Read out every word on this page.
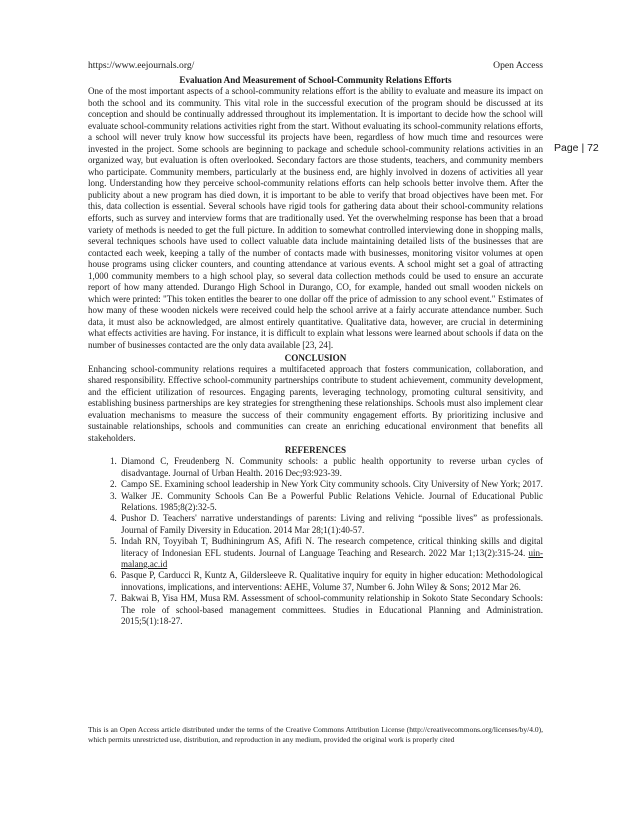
https://www.eejournals.org/	Open Access
Page | 72
Evaluation And Measurement of School-Community Relations Efforts

One of the most important aspects of a school-community relations effort is the ability to evaluate and measure its impact on both the school and its community. This vital role in the successful execution of the program should be discussed at its conception and should be continually addressed throughout its implementation. It is important to decide how the school will evaluate school-community relations activities right from the start. Without evaluating its school-community relations efforts, a school will never truly know how successful its projects have been, regardless of how much time and resources were invested in the project. Some schools are beginning to package and schedule school-community relations activities in an organized way, but evaluation is often overlooked. Secondary factors are those students, teachers, and community members who participate. Community members, particularly at the business end, are highly involved in dozens of activities all year long. Understanding how they perceive school-community relations efforts can help schools better involve them. After the publicity about a new program has died down, it is important to be able to verify that broad objectives have been met. For this, data collection is essential. Several schools have rigid tools for gathering data about their school-community relations efforts, such as survey and interview forms that are traditionally used. Yet the overwhelming response has been that a broad variety of methods is needed to get the full picture. In addition to somewhat controlled interviewing done in shopping malls, several techniques schools have used to collect valuable data include maintaining detailed lists of the businesses that are contacted each week, keeping a tally of the number of contacts made with businesses, monitoring visitor volumes at open house programs using clicker counters, and counting attendance at various events. A school might set a goal of attracting 1,000 community members to a high school play, so several data collection methods could be used to ensure an accurate report of how many attended. Durango High School in Durango, CO, for example, handed out small wooden nickels on which were printed: "This token entitles the bearer to one dollar off the price of admission to any school event." Estimates of how many of these wooden nickels were received could help the school arrive at a fairly accurate attendance number. Such data, it must also be acknowledged, are almost entirely quantitative. Qualitative data, however, are crucial in determining what effects activities are having. For instance, it is difficult to explain what lessons were learned about schools if data on the number of businesses contacted are the only data available [23, 24].

CONCLUSION

Enhancing school-community relations requires a multifaceted approach that fosters communication, collaboration, and shared responsibility. Effective school-community partnerships contribute to student achievement, community development, and the efficient utilization of resources. Engaging parents, leveraging technology, promoting cultural sensitivity, and establishing business partnerships are key strategies for strengthening these relationships. Schools must also implement clear evaluation mechanisms to measure the success of their community engagement efforts. By prioritizing inclusive and sustainable relationships, schools and communities can create an enriching educational environment that benefits all stakeholders.

REFERENCES
1. Diamond C, Freudenberg N. Community schools: a public health opportunity to reverse urban cycles of disadvantage. Journal of Urban Health. 2016 Dec;93:923-39.
2. Campo SE. Examining school leadership in New York City community schools. City University of New York; 2017.
3. Walker JE. Community Schools Can Be a Powerful Public Relations Vehicle. Journal of Educational Public Relations. 1985;8(2):32-5.
4. Pushor D. Teachers' narrative understandings of parents: Living and reliving “possible lives” as professionals. Journal of Family Diversity in Education. 2014 Mar 28;1(1):40-57.
5. Indah RN, Toyyibah T, Budhiningrum AS, Afifi N. The research competence, critical thinking skills and digital literacy of Indonesian EFL students. Journal of Language Teaching and Research. 2022 Mar 1;13(2):315-24. uin-malang.ac.id
6. Pasque P, Carducci R, Kuntz A, Gildersleeve R. Qualitative inquiry for equity in higher education: Methodological innovations, implications, and interventions: AEHE, Volume 37, Number 6. John Wiley & Sons; 2012 Mar 26.
7. Bakwai B, Yisa HM, Musa RM. Assessment of school-community relationship in Sokoto State Secondary Schools: The role of school-based management committees. Studies in Educational Planning and Administration. 2015;5(1):18-27.
This is an Open Access article distributed under the terms of the Creative Commons Attribution License (http://creativecommons.org/licenses/by/4.0), which permits unrestricted use, distribution, and reproduction in any medium, provided the original work is properly cited
